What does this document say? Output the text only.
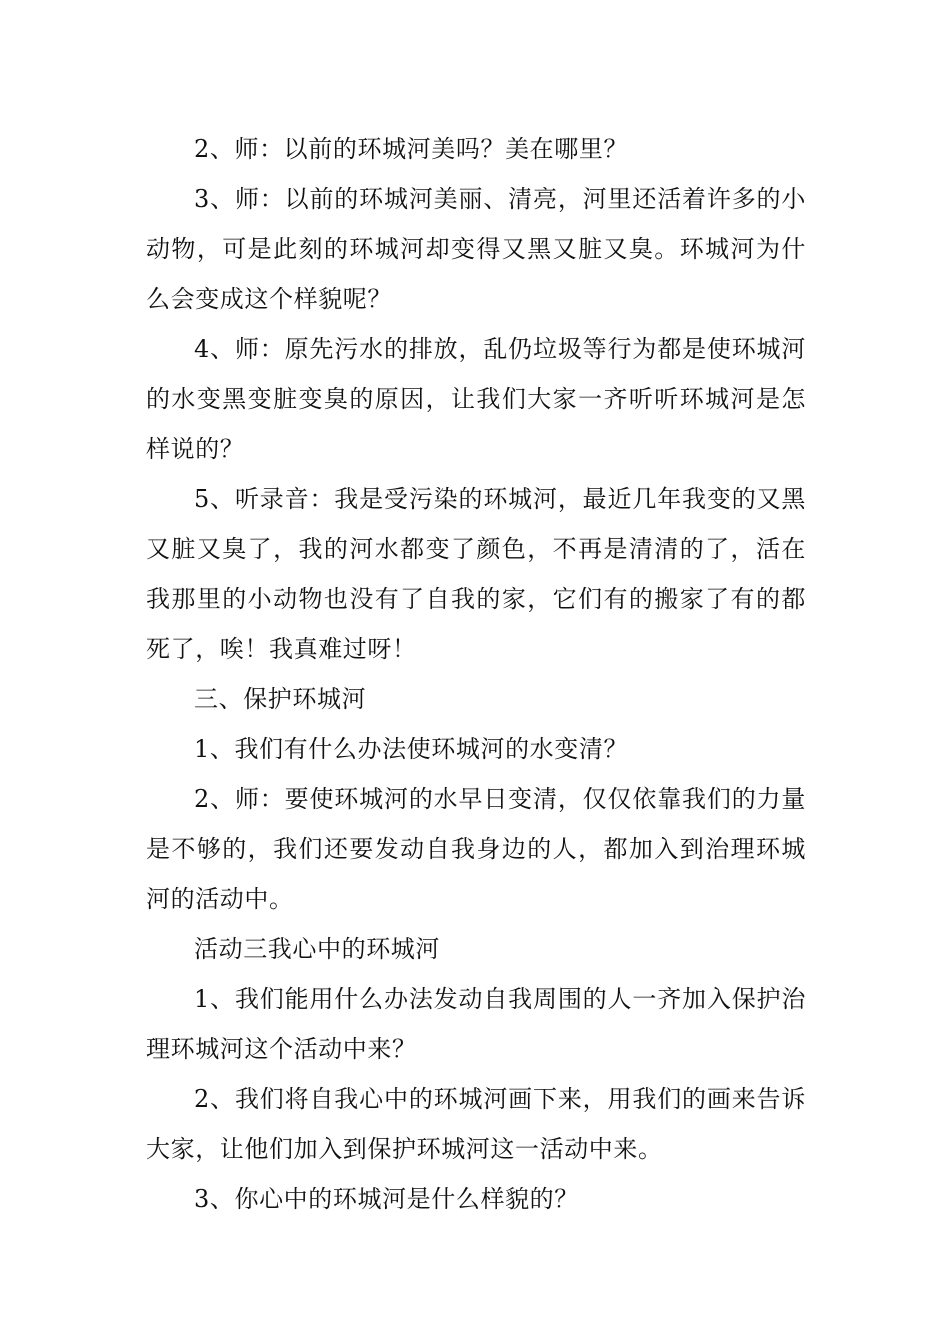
2、师：以前的环城河美吗？美在哪里？

3、师：以前的环城河美丽、清亮，河里还活着许多的小动物，可是此刻的环城河却变得又黑又脏又臭。环城河为什么会变成这个样貌呢？

4、师：原先污水的排放，乱仍垃圾等行为都是使环城河的水变黑变脏变臭的原因，让我们大家一齐听听环城河是怎样说的？

5、听录音：我是受污染的环城河，最近几年我变的又黑又脏又臭了，我的河水都变了颜色，不再是清清的了，活在我那里的小动物也没有了自我的家，它们有的搬家了有的都死了，唉！我真难过呀！

三、保护环城河

1、我们有什么办法使环城河的水变清？

2、师：要使环城河的水早日变清，仅仅依靠我们的力量是不够的，我们还要发动自我身边的人，都加入到治理环城河的活动中。

活动三我心中的环城河

1、我们能用什么办法发动自我周围的人一齐加入保护治理环城河这个活动中来？

2、我们将自我心中的环城河画下来，用我们的画来告诉大家，让他们加入到保护环城河这一活动中来。

3、你心中的环城河是什么样貌的？
